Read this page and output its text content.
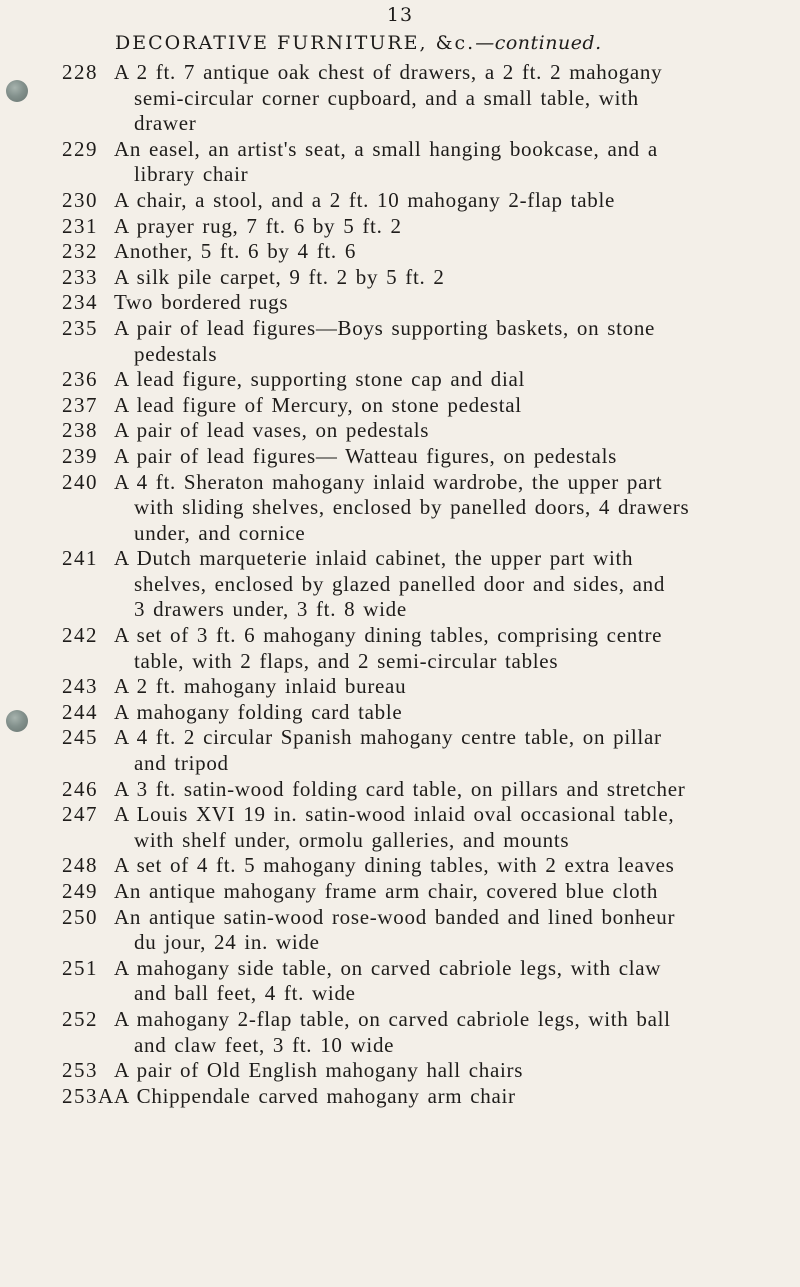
13
DECORATIVE FURNITURE, &c.—continued.
228 A 2 ft. 7 antique oak chest of drawers, a 2 ft. 2 mahogany
semi-circular corner cupboard, and a small table, with
drawer
229 An easel, an artist's seat, a small hanging bookcase, and a
library chair
230 A chair, a stool, and a 2 ft. 10 mahogany 2-flap table
231 A prayer rug, 7 ft. 6 by 5 ft. 2
232 Another, 5 ft. 6 by 4 ft. 6
233 A silk pile carpet, 9 ft. 2 by 5 ft. 2
234 Two bordered rugs
235 A pair of lead figures—Boys supporting baskets, on stone
pedestals
236 A lead figure, supporting stone cap and dial
237 A lead figure of Mercury, on stone pedestal
238 A pair of lead vases, on pedestals
239 A pair of lead figures— Watteau figures, on pedestals
240 A 4 ft. Sheraton mahogany inlaid wardrobe, the upper part
with sliding shelves, enclosed by panelled doors, 4 drawers
under, and cornice
241 A Dutch marqueterie inlaid cabinet, the upper part with
shelves, enclosed by glazed panelled door and sides, and
3 drawers under, 3 ft. 8 wide
242 A set of 3 ft. 6 mahogany dining tables, comprising centre
table, with 2 flaps, and 2 semi-circular tables
243 A 2 ft. mahogany inlaid bureau
244 A mahogany folding card table
245 A 4 ft. 2 circular Spanish mahogany centre table, on pillar
and tripod
246 A 3 ft. satin-wood folding card table, on pillars and stretcher
247 A Louis XVI 19 in. satin-wood inlaid oval occasional table,
with shelf under, ormolu galleries, and mounts
248 A set of 4 ft. 5 mahogany dining tables, with 2 extra leaves
249 An antique mahogany frame arm chair, covered blue cloth
250 An antique satin-wood rose-wood banded and lined bonheur
du jour, 24 in. wide
251 A mahogany side table, on carved cabriole legs, with claw
and ball feet, 4 ft. wide
252 A mahogany 2-flap table, on carved cabriole legs, with ball
and claw feet, 3 ft. 10 wide
253 A pair of Old English mahogany hall chairs
253A A Chippendale carved mahogany arm chair
